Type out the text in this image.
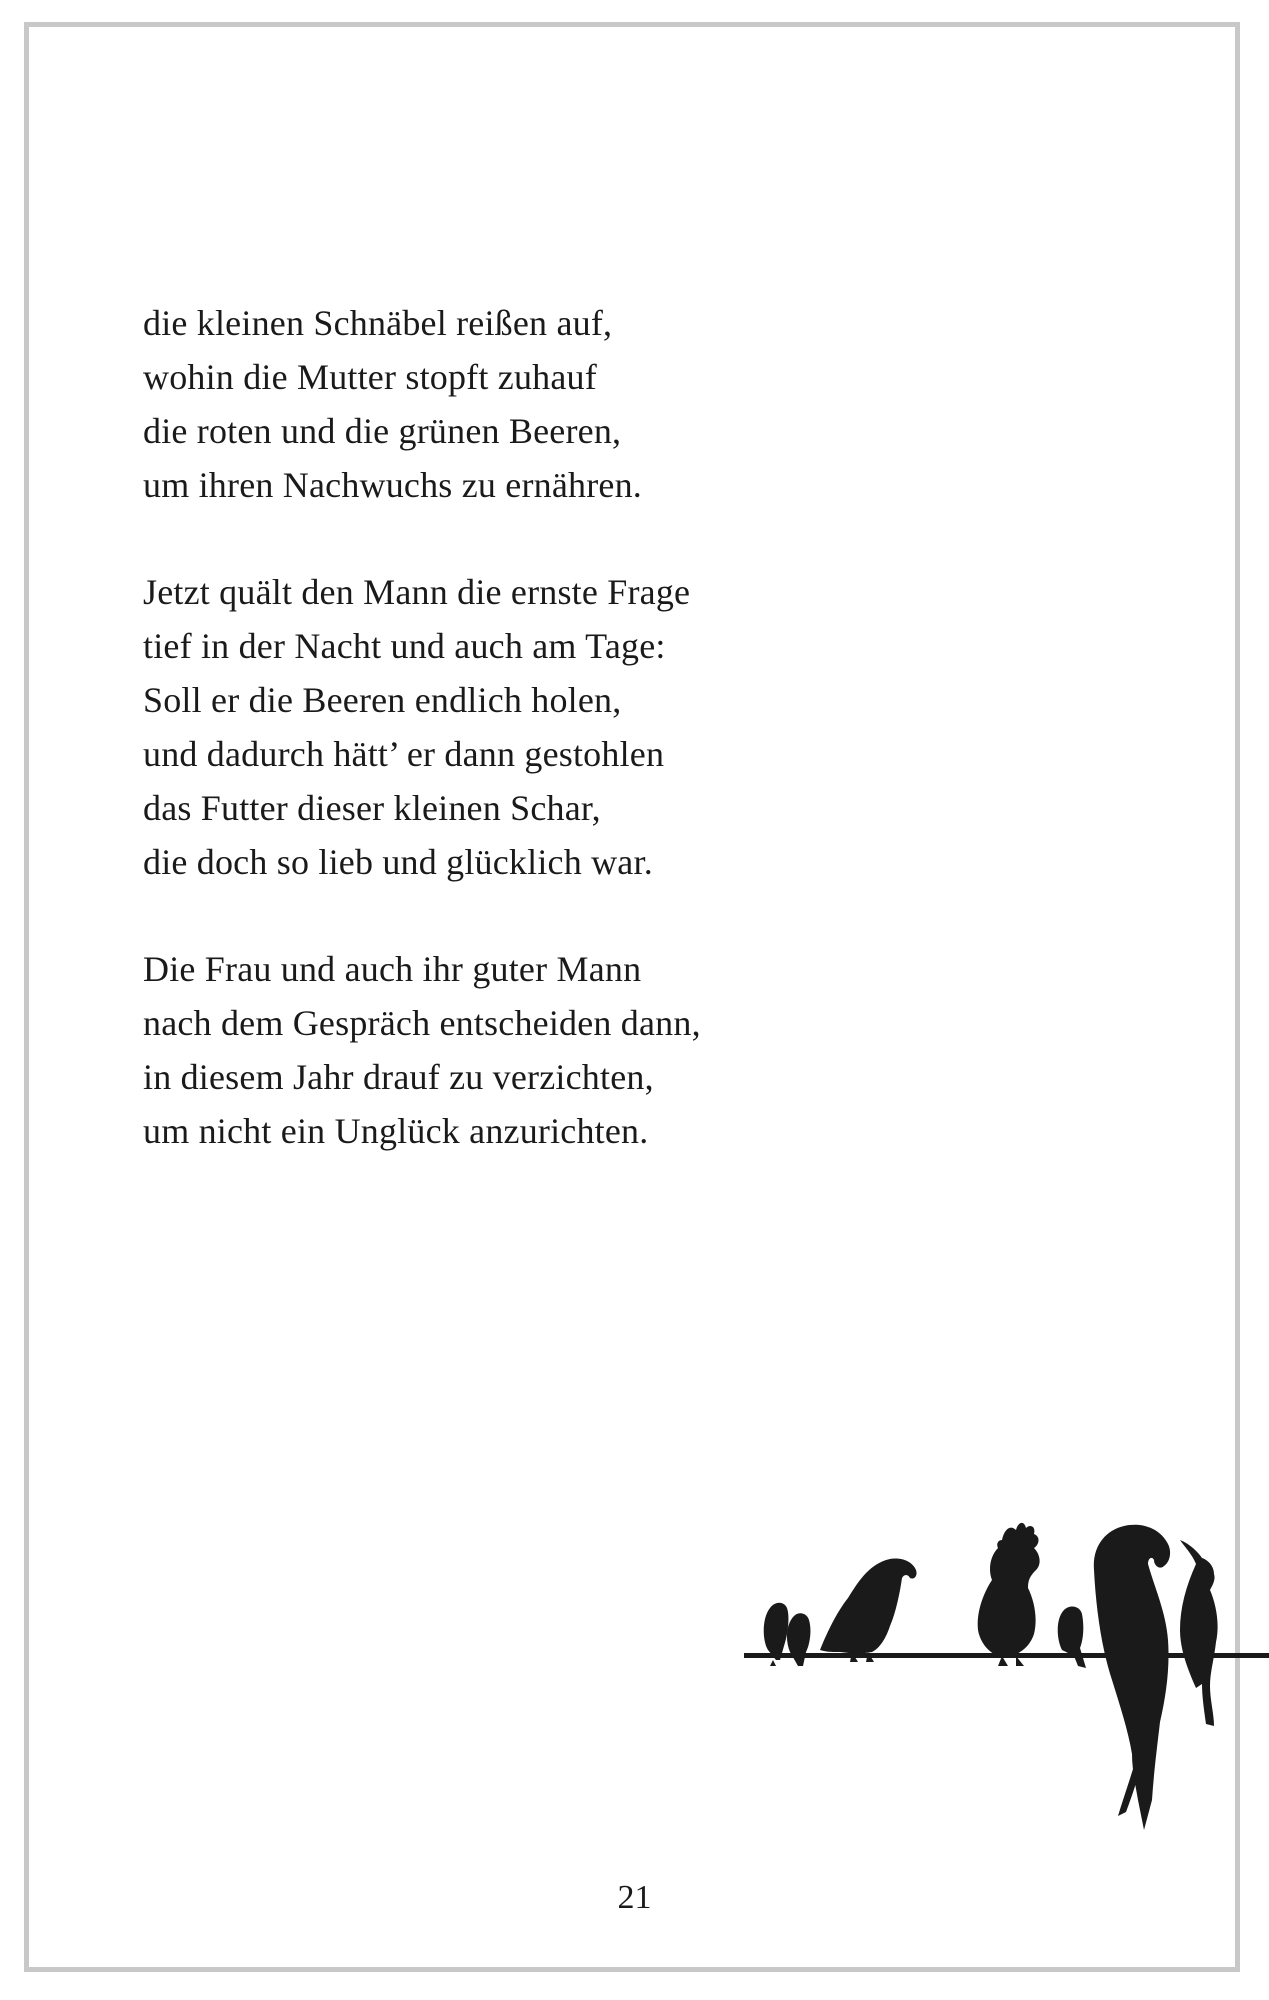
die kleinen Schnäbel reißen auf,
wohin die Mutter stopft zuhauf
die roten und die grünen Beeren,
um ihren Nachwuchs zu ernähren.
Jetzt quält den Mann die ernste Frage
tief in der Nacht und auch am Tage:
Soll er die Beeren endlich holen,
und dadurch hätt’ er dann gestohlen
das Futter dieser kleinen Schar,
die doch so lieb und glücklich war.
Die Frau und auch ihr guter Mann
nach dem Gespräch entscheiden dann,
in diesem Jahr drauf zu verzichten,
um nicht ein Unglück anzurichten.
21
